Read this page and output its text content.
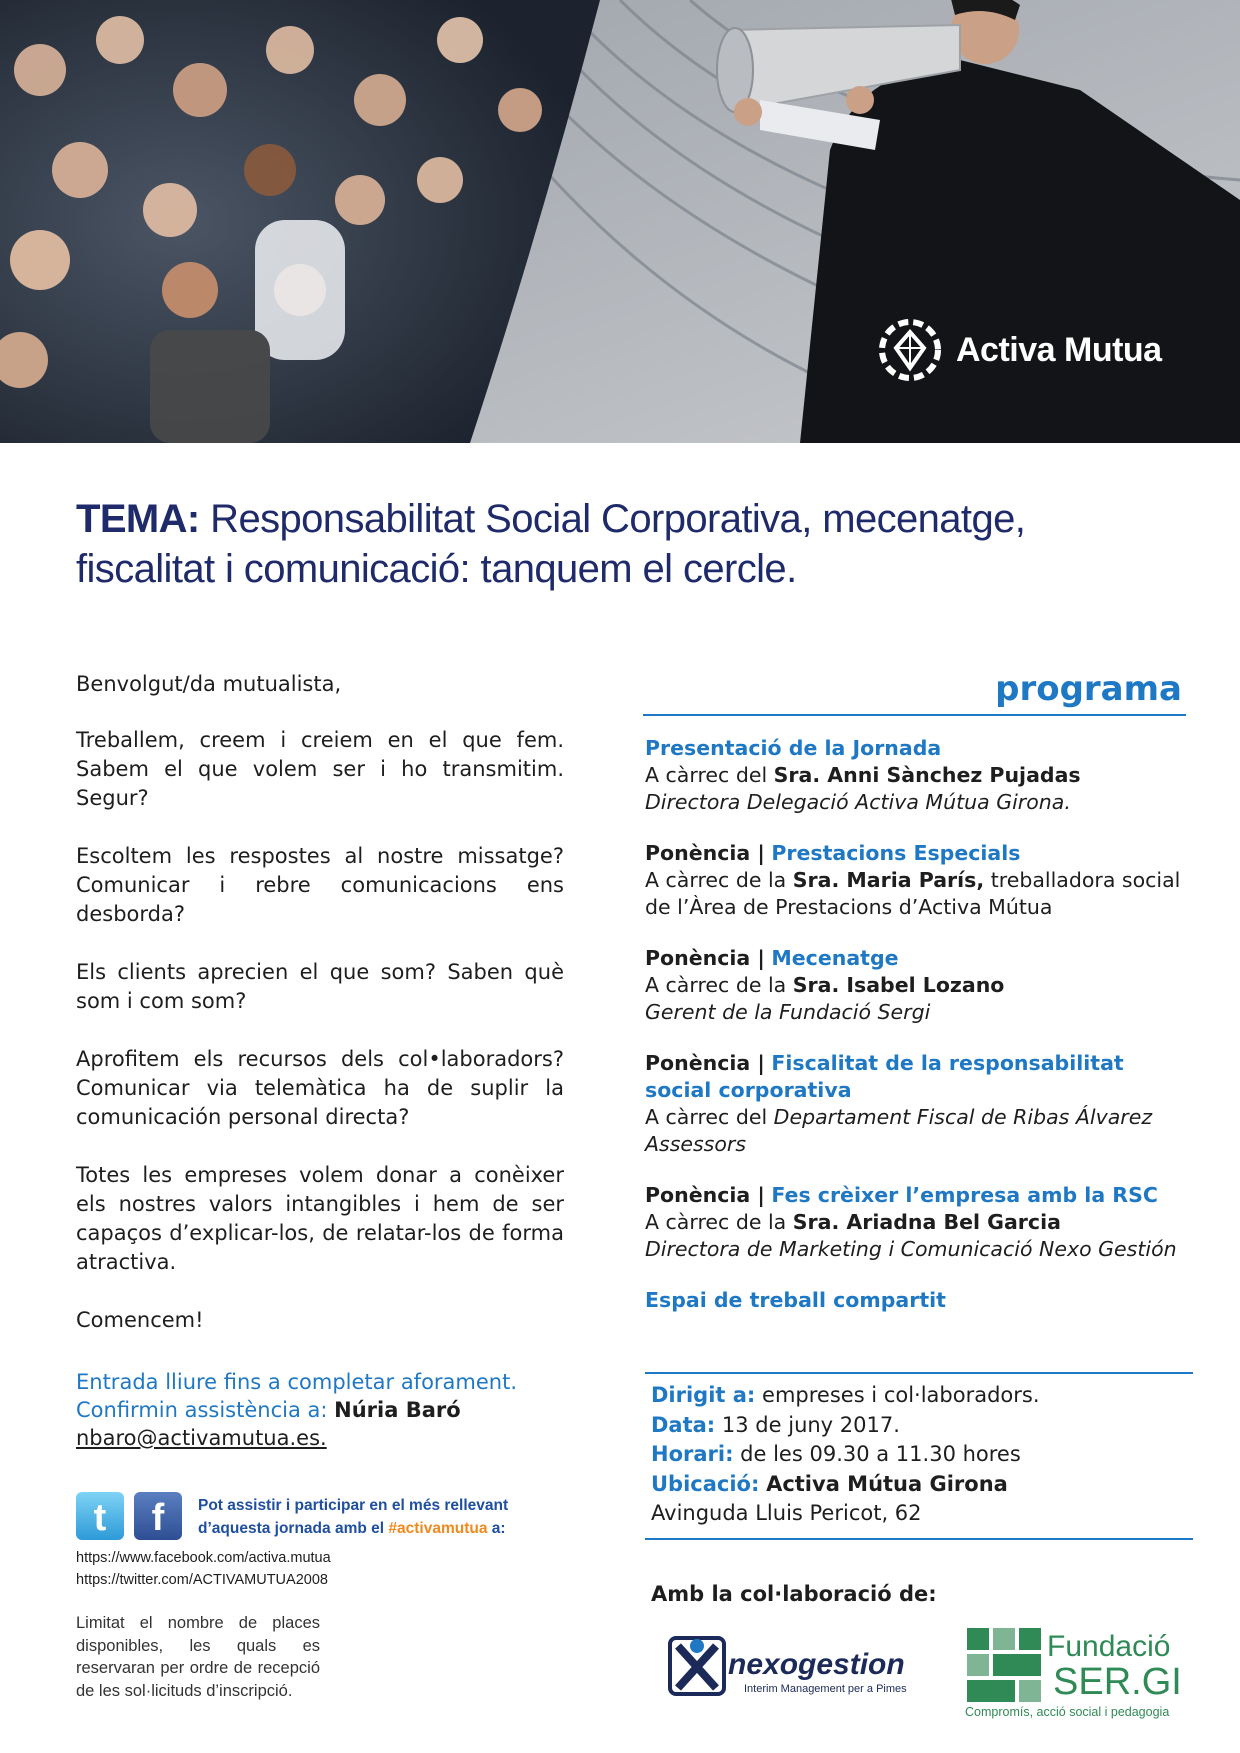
Activa Mutua
TEMA: Responsabilitat Social Corporativa, mecenatge,
fiscalitat i comunicació: tanquem el cercle.

Benvolgut/da mutualista,

Treballem, creem i creiem en el que fem. Sabem el que volem ser i ho transmitim. Segur?

Escoltem les respostes al nostre missatge? Comunicar i rebre comunicacions ens desborda?

Els clients aprecien el que som? Saben què som i com som?

Aprofitem els recursos dels col•laboradors? Comunicar via telemàtica ha de suplir la comunicación personal directa?

Totes les empreses volem donar a conèixer els nostres valors intangibles i hem de ser capaços d’explicar-los, de relatar-los de forma atractiva.

Comencem!

Entrada lliure fins a completar aforament.
Confirmin assistència a: Núria Baró
nbaro@activamutua.es.
t	f	Pot assistir i participar en el més rellevant
d’aquesta jornada amb el #activamutua a:
https://www.facebook.com/activa.mutua
https://twitter.com/ACTIVAMUTUA2008
Limitat el nombre de places disponibles, les quals es reservaran per ordre de recepció de les sol·licituds d’inscripció.
programa
Presentació de la Jornada
A càrrec del Sra. Anni Sànchez Pujadas
Directora Delegació Activa Mútua Girona.
Ponència | Prestacions Especials
A càrrec de la Sra. Maria París, treballadora social de l’Àrea de Prestacions d’Activa Mútua
Ponència | Mecenatge
A càrrec de la Sra. Isabel Lozano
Gerent de la Fundació Sergi
Ponència | Fiscalitat de la responsabilitat social corporativa
A càrrec del Departament Fiscal de Ribas Álvarez Assessors
Ponència | Fes crèixer l’empresa amb la RSC
A càrrec de la Sra. Ariadna Bel Garcia
Directora de Marketing i Comunicació Nexo Gestión
Espai de treball compartit
Dirigit a: empreses i col·laboradors.
Data: 13 de juny 2017.
Horari: de les 09.30 a 11.30 hores
Ubicació: Activa Mútua Girona
Avinguda Lluis Pericot, 62
Amb la col·laboració de:
nexogestion
Interim Management per a Pimes
Fundació
SER.GI
Compromís, acció social i pedagogia
